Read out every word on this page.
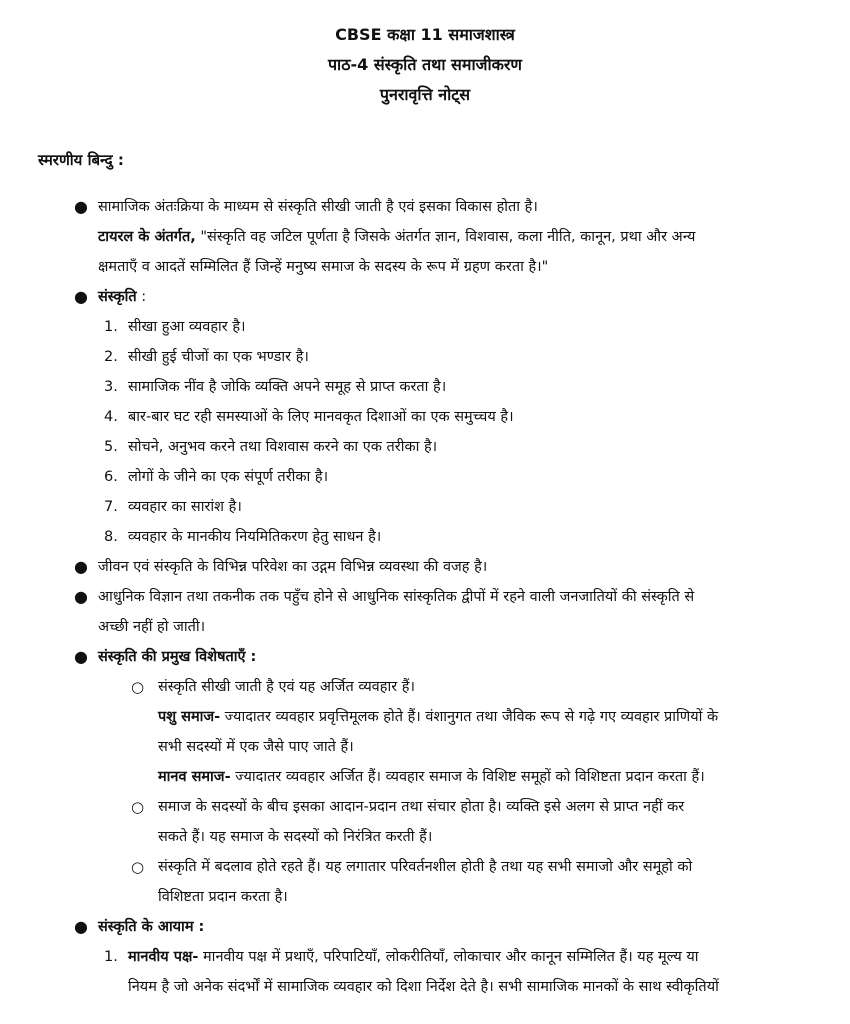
CBSE कक्षा 11 समाजशास्त्र
पाठ-4 संस्कृति तथा समाजीकरण
पुनरावृत्ति नोट्स
स्मरणीय बिन्दु :
● सामाजिक अंतःक्रिया के माध्यम से संस्कृति सीखी जाती है एवं इसका विकास होता है।
टायरल के अंतर्गत, "संस्कृति वह जटिल पूर्णता है जिसके अंतर्गत ज्ञान, विशवास, कला नीति, कानून, प्रथा और अन्य
क्षमताएँ व आदतें सम्मिलित हैं जिन्हें मनुष्य समाज के सदस्य के रूप में ग्रहण करता है।"
● संस्कृति :
1. सीखा हुआ व्यवहार है।
2. सीखी हुई चीजों का एक भण्डार है।
3. सामाजिक नींव है जोकि व्यक्ति अपने समूह से प्राप्त करता है।
4. बार-बार घट रही समस्याओं के लिए मानवकृत दिशाओं का एक समुच्चय है।
5. सोचने, अनुभव करने तथा विशवास करने का एक तरीका है।
6. लोगों के जीने का एक संपूर्ण तरीका है।
7. व्यवहार का सारांश है।
8. व्यवहार के मानकीय नियमितिकरण हेतु साधन है।
● जीवन एवं संस्कृति के विभिन्न परिवेश का उद्गम विभिन्न व्यवस्था की वजह है।
● आधुनिक विज्ञान तथा तकनीक तक पहुँच होने से आधुनिक सांस्कृतिक द्वीपों में रहने वाली जनजातियों की संस्कृति से
अच्छी नहीं हो जाती।
● संस्कृति की प्रमुख विशेषताएँ :
○ संस्कृति सीखी जाती है एवं यह अर्जित व्यवहार हैं।
पशु समाज- ज्यादातर व्यवहार प्रवृत्तिमूलक होते हैं। वंशानुगत तथा जैविक रूप से गढ़े गए व्यवहार प्राणियों के
सभी सदस्यों में एक जैसे पाए जाते हैं।
मानव समाज- ज्यादातर व्यवहार अर्जित हैं। व्यवहार समाज के विशिष्ट समूहों को विशिष्टता प्रदान करता हैं।
○ समाज के सदस्यों के बीच इसका आदान-प्रदान तथा संचार होता है। व्यक्ति इसे अलग से प्राप्त नहीं कर
सकते हैं। यह समाज के सदस्यों को निरंत्रित करती हैं।
○ संस्कृति में बदलाव होते रहते हैं। यह लगातार परिवर्तनशील होती है तथा यह सभी समाजो और समूहो को
विशिष्टता प्रदान करता है।
● संस्कृति के आयाम :
1. मानवीय पक्ष- मानवीय पक्ष में प्रथाएँ, परिपाटियाँ, लोकरीतियाँ, लोकाचार और कानून सम्मिलित हैं। यह मूल्य या
नियम है जो अनेक संदर्भों में सामाजिक व्यवहार को दिशा निर्देश देते है। सभी सामाजिक मानकों के साथ स्वीकृतियों
